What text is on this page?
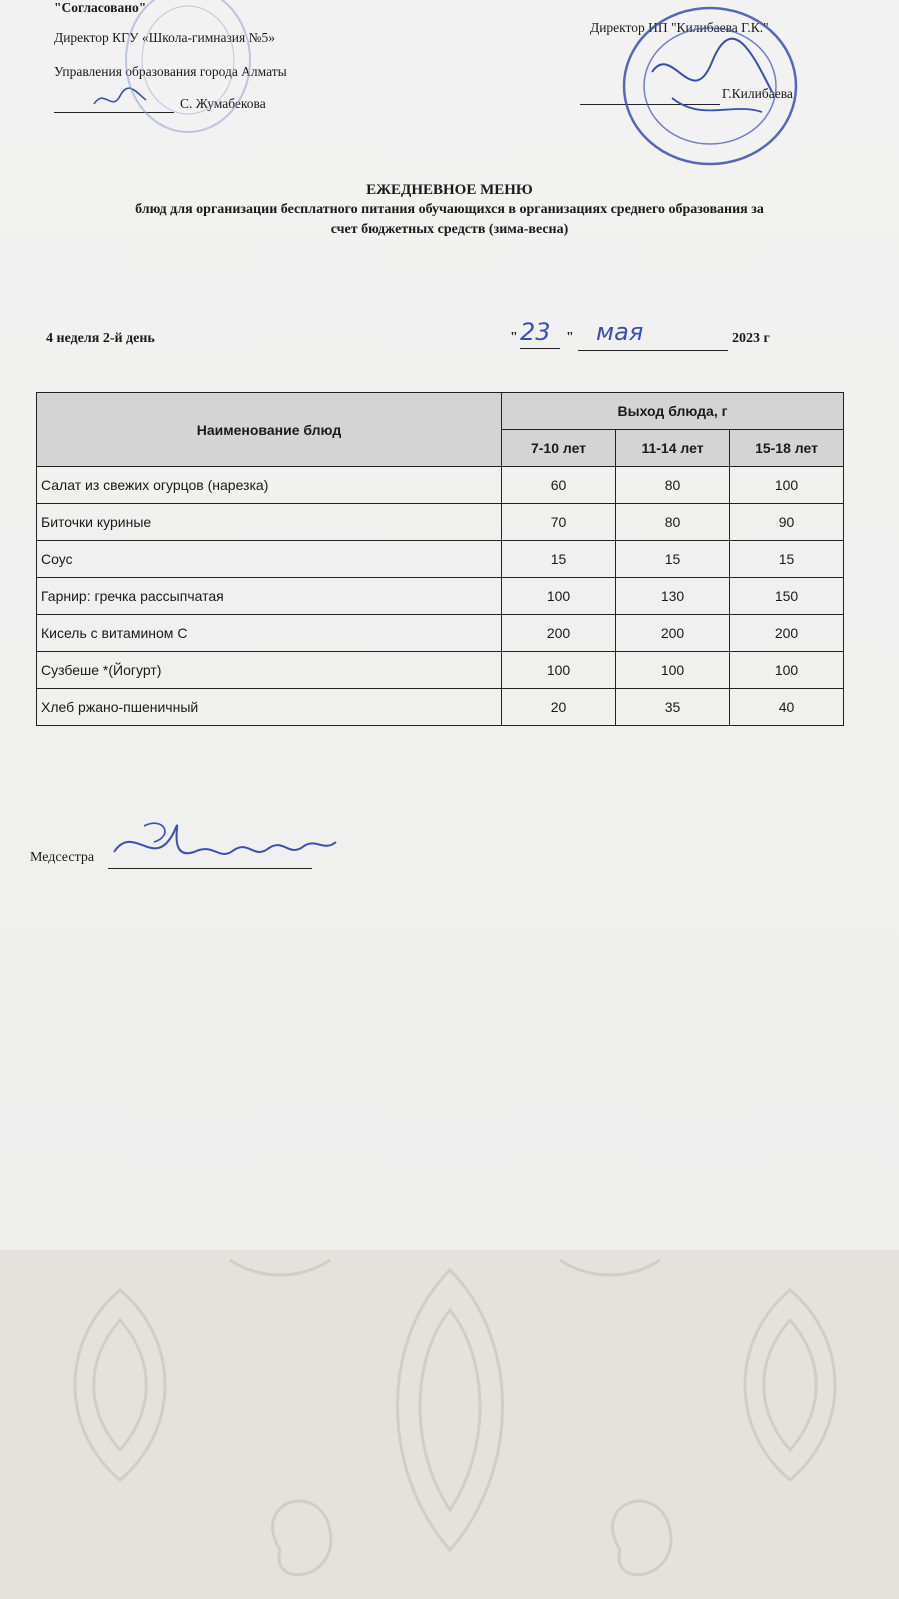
"Согласовано"
Директор КГУ «Школа-гимназия №5»
Управления образования города Алматы
С. Жумабекова
Директор ИП "Килибаева Г.К."
Г.Килибаева
ЕЖЕДНЕВНОЕ МЕНЮ
блюд для организации бесплатного питания обучающихся в организациях среднего образования за
счет бюджетных средств (зима-весна)
4 неделя 2-й день	" 23 " мая	2023 г
Наименование блюд	Выход блюда, г		
	7-10 лет	11-14 лет	15-18 лет
Салат из свежих огурцов (нарезка)	60	80	100
Биточки куриные	70	80	90
Соус	15	15	15
Гарнир: гречка рассыпчатая	100	130	150
Кисель с витамином С	200	200	200
Сузбеше *(Йогурт)	100	100	100
Хлеб ржано-пшеничный	20	35	40
Медсестра
